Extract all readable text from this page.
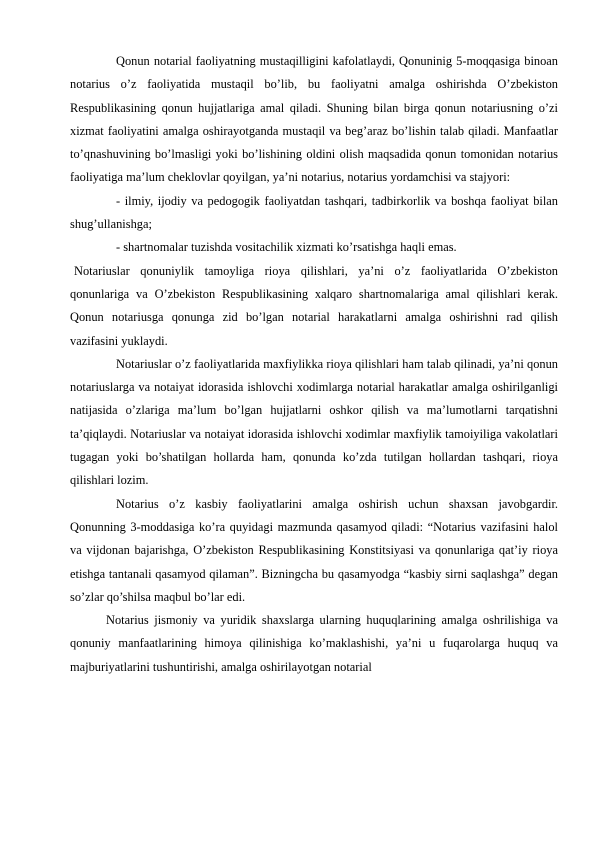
Qonun notarial faoliyatning mustaqilligini kafolatlaydi, Qonuninig 5-moqqasiga binoan notarius o’z faoliyatida mustaqil bo’lib, bu faoliyatni amalga oshirishda O’zbekiston Respublikasining qonun hujjatlariga amal qiladi. Shuning bilan birga qonun notariusning o’zi xizmat faoliyatini amalga oshirayotganda mustaqil va beg’araz bo’lishin talab qiladi. Manfaatlar to’qnashuvining bo’lmasligi yoki bo’lishining oldini olish maqsadida qonun tomonidan notarius faoliyatiga ma’lum cheklovlar qoyilgan, ya’ni notarius, notarius yordamchisi va stajyori:

- ilmiy, ijodiy va pedogogik faoliyatdan tashqari, tadbirkorlik va boshqa faoliyat bilan shug’ullanishga;

- shartnomalar tuzishda vositachilik xizmati ko’rsatishga haqli emas.

Notariuslar qonuniylik tamoyliga rioya qilishlari, ya’ni o’z faoliyatlarida O’zbekiston qonunlariga va O’zbekiston Respublikasining xalqaro shartnomalariga amal qilishlari kerak. Qonun notariusga qonunga zid bo’lgan notarial harakatlarni amalga oshirishni rad qilish vazifasini yuklaydi.

Notariuslar o’z faoliyatlarida maxfiylikka rioya qilishlari ham talab qilinadi, ya’ni qonun notariuslarga va notaiyat idorasida ishlovchi xodimlarga notarial harakatlar amalga oshirilganligi natijasida o’zlariga ma’lum bo’lgan hujjatlarni oshkor qilish va ma’lumotlarni tarqatishni ta’qiqlaydi. Notariuslar va notaiyat idorasida ishlovchi xodimlar maxfiylik tamoiyiliga vakolatlari tugagan yoki bo’shatilgan hollarda ham, qonunda ko’zda tutilgan hollardan tashqari, rioya qilishlari lozim.

Notarius o’z kasbiy faoliyatlarini amalga oshirish uchun shaxsan javobgardir. Qonunning 3-moddasiga ko’ra quyidagi mazmunda qasamyod qiladi: “Notarius vazifasini halol va vijdonan bajarishga, O’zbekiston Respublikasining Konstitsiyasi va qonunlariga qat’iy rioya etishga tantanali qasamyod qilaman”. Bizningcha bu qasamyodga “kasbiy sirni saqlashga” degan so’zlar qo’shilsa maqbul bo’lar edi.

Notarius jismoniy va yuridik shaxslarga ularning huquqlarining amalga oshrilishiga va qonuniy manfaatlarining himoya qilinishiga ko’maklashishi, ya’ni u fuqarolarga huquq va majburiyatlarini tushuntirishi, amalga oshirilayotgan notarial
